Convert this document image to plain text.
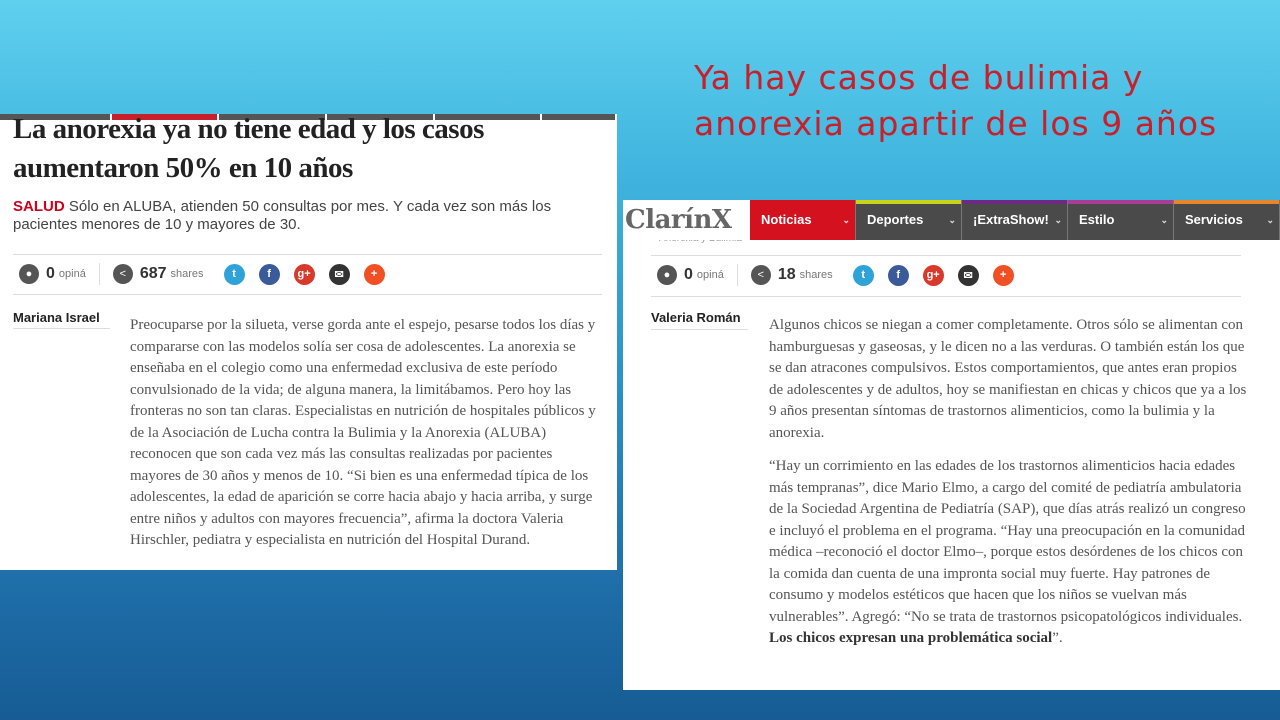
Ya hay casos de bulimia y anorexia apartir de los 9 años
La anorexia ya no tiene edad y los casos aumentaron 50% en 10 años
SALUD Sólo en ALUBA, atienden 50 consultas por mes. Y cada vez son más los pacientes menores de 10 y mayores de 30.
● 0 opiná	< 687 shares	t	f	g+	✉	+
Mariana Israel Preocuparse por la silueta, verse gorda ante el espejo, pesarse todos los días y compararse con las modelos solía ser cosa de adolescentes. La anorexia se enseñaba en el colegio como una enfermedad exclusiva de este período convulsionado de la vida; de alguna manera, la limitábamos. Pero hoy las fronteras no son tan claras. Especialistas en nutrición de hospitales públicos y de la Asociación de Lucha contra la Bulimia y la Anorexia (ALUBA) reconocen que son cada vez más las consultas realizadas por pacientes mayores de 30 años y menos de 10. “Si bien es una enfermedad típica de los adolescentes, la edad de aparición se corre hacia abajo y hacia arriba, y surge entre niños y adultos con mayores frecuencia”, afirma la doctora Valeria Hirschler, pediatra y especialista en nutrición del Hospital Durand.

ClarínX	Noticias	⌄	Deportes	⌄	¡ExtraShow! ⌄	Estilo	⌄	Servicios	⌄
● 0 opiná	< 18 shares	t	f	g+	✉	+
Valeria Román Algunos chicos se niegan a comer completamente. Otros sólo se alimentan con hamburguesas y gaseosas, y le dicen no a las verduras. O también están los que se dan atracones compulsivos. Estos comportamientos, que antes eran propios de adolescentes y de adultos, hoy se manifiestan en chicas y chicos que ya a los 9 años presentan síntomas de trastornos alimenticios, como la bulimia y la anorexia.

“Hay un corrimiento en las edades de los trastornos alimenticios hacia edades más tempranas”, dice Mario Elmo, a cargo del comité de pediatría ambulatoria de la Sociedad Argentina de Pediatría (SAP), que días atrás realizó un congreso e incluyó el problema en el programa. “Hay una preocupación en la comunidad médica –reconoció el doctor Elmo–, porque estos desórdenes de los chicos con la comida dan cuenta de una impronta social muy fuerte. Hay patrones de consumo y modelos estéticos que hacen que los niños se vuelvan más vulnerables”. Agregó: “No se trata de trastornos psicopatológicos individuales. Los chicos expresan una problemática social”.
